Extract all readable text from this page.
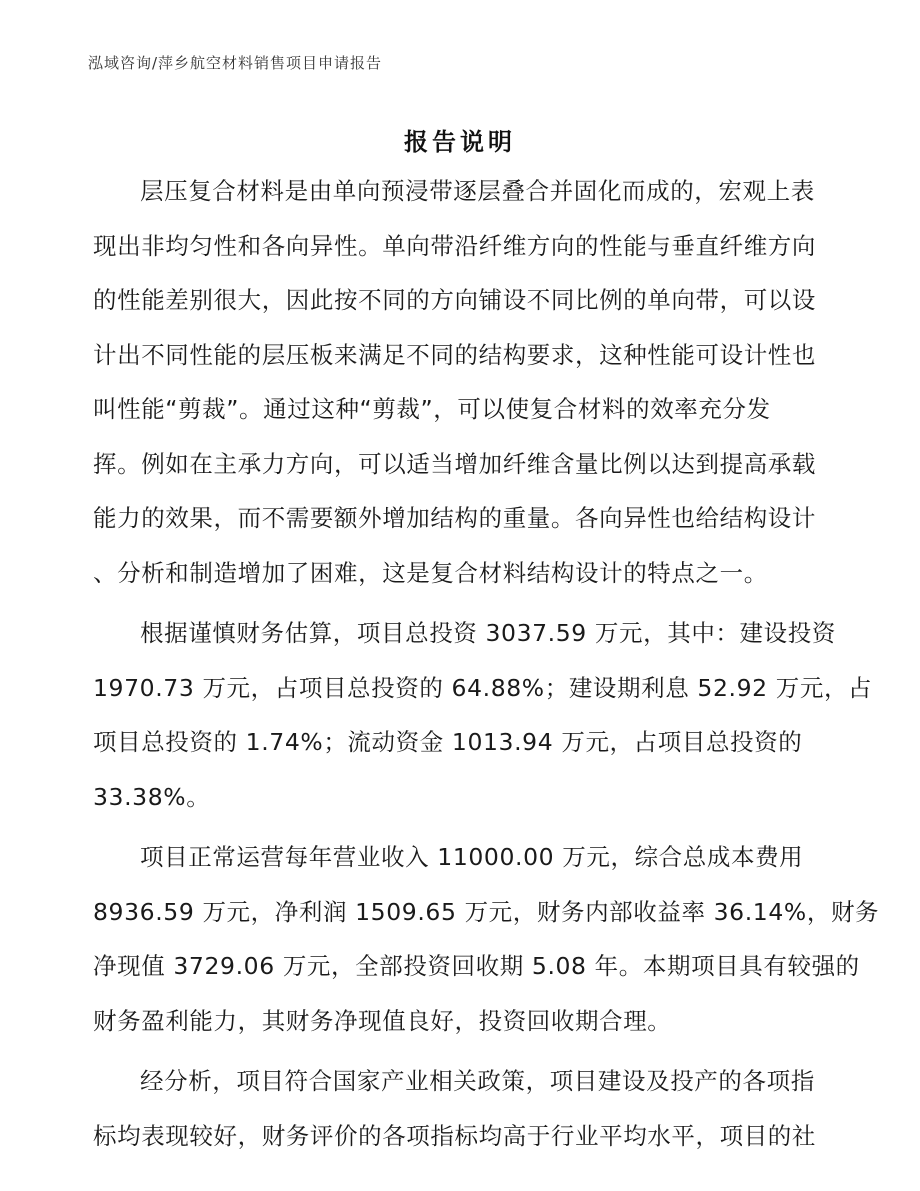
泓域咨询/萍乡航空材料销售项目申请报告
报告说明
层压复合材料是由单向预浸带逐层叠合并固化而成的，宏观上表
现出非均匀性和各向异性。单向带沿纤维方向的性能与垂直纤维方向
的性能差别很大，因此按不同的方向铺设不同比例的单向带，可以设
计出不同性能的层压板来满足不同的结构要求，这种性能可设计性也
叫性能“剪裁”。通过这种“剪裁”，可以使复合材料的效率充分发
挥。例如在主承力方向，可以适当增加纤维含量比例以达到提高承载
能力的效果，而不需要额外增加结构的重量。各向异性也给结构设计
、分析和制造增加了困难，这是复合材料结构设计的特点之一。
根据谨慎财务估算，项目总投资 3037.59 万元，其中：建设投资
1970.73 万元，占项目总投资的 64.88%；建设期利息 52.92 万元，占
项目总投资的 1.74%；流动资金 1013.94 万元，占项目总投资的
33.38%。
项目正常运营每年营业收入 11000.00 万元，综合总成本费用
8936.59 万元，净利润 1509.65 万元，财务内部收益率 36.14%，财务
净现值 3729.06 万元，全部投资回收期 5.08 年。本期项目具有较强的
财务盈利能力，其财务净现值良好，投资回收期合理。
经分析，项目符合国家产业相关政策，项目建设及投产的各项指
标均表现较好，财务评价的各项指标均高于行业平均水平，项目的社
